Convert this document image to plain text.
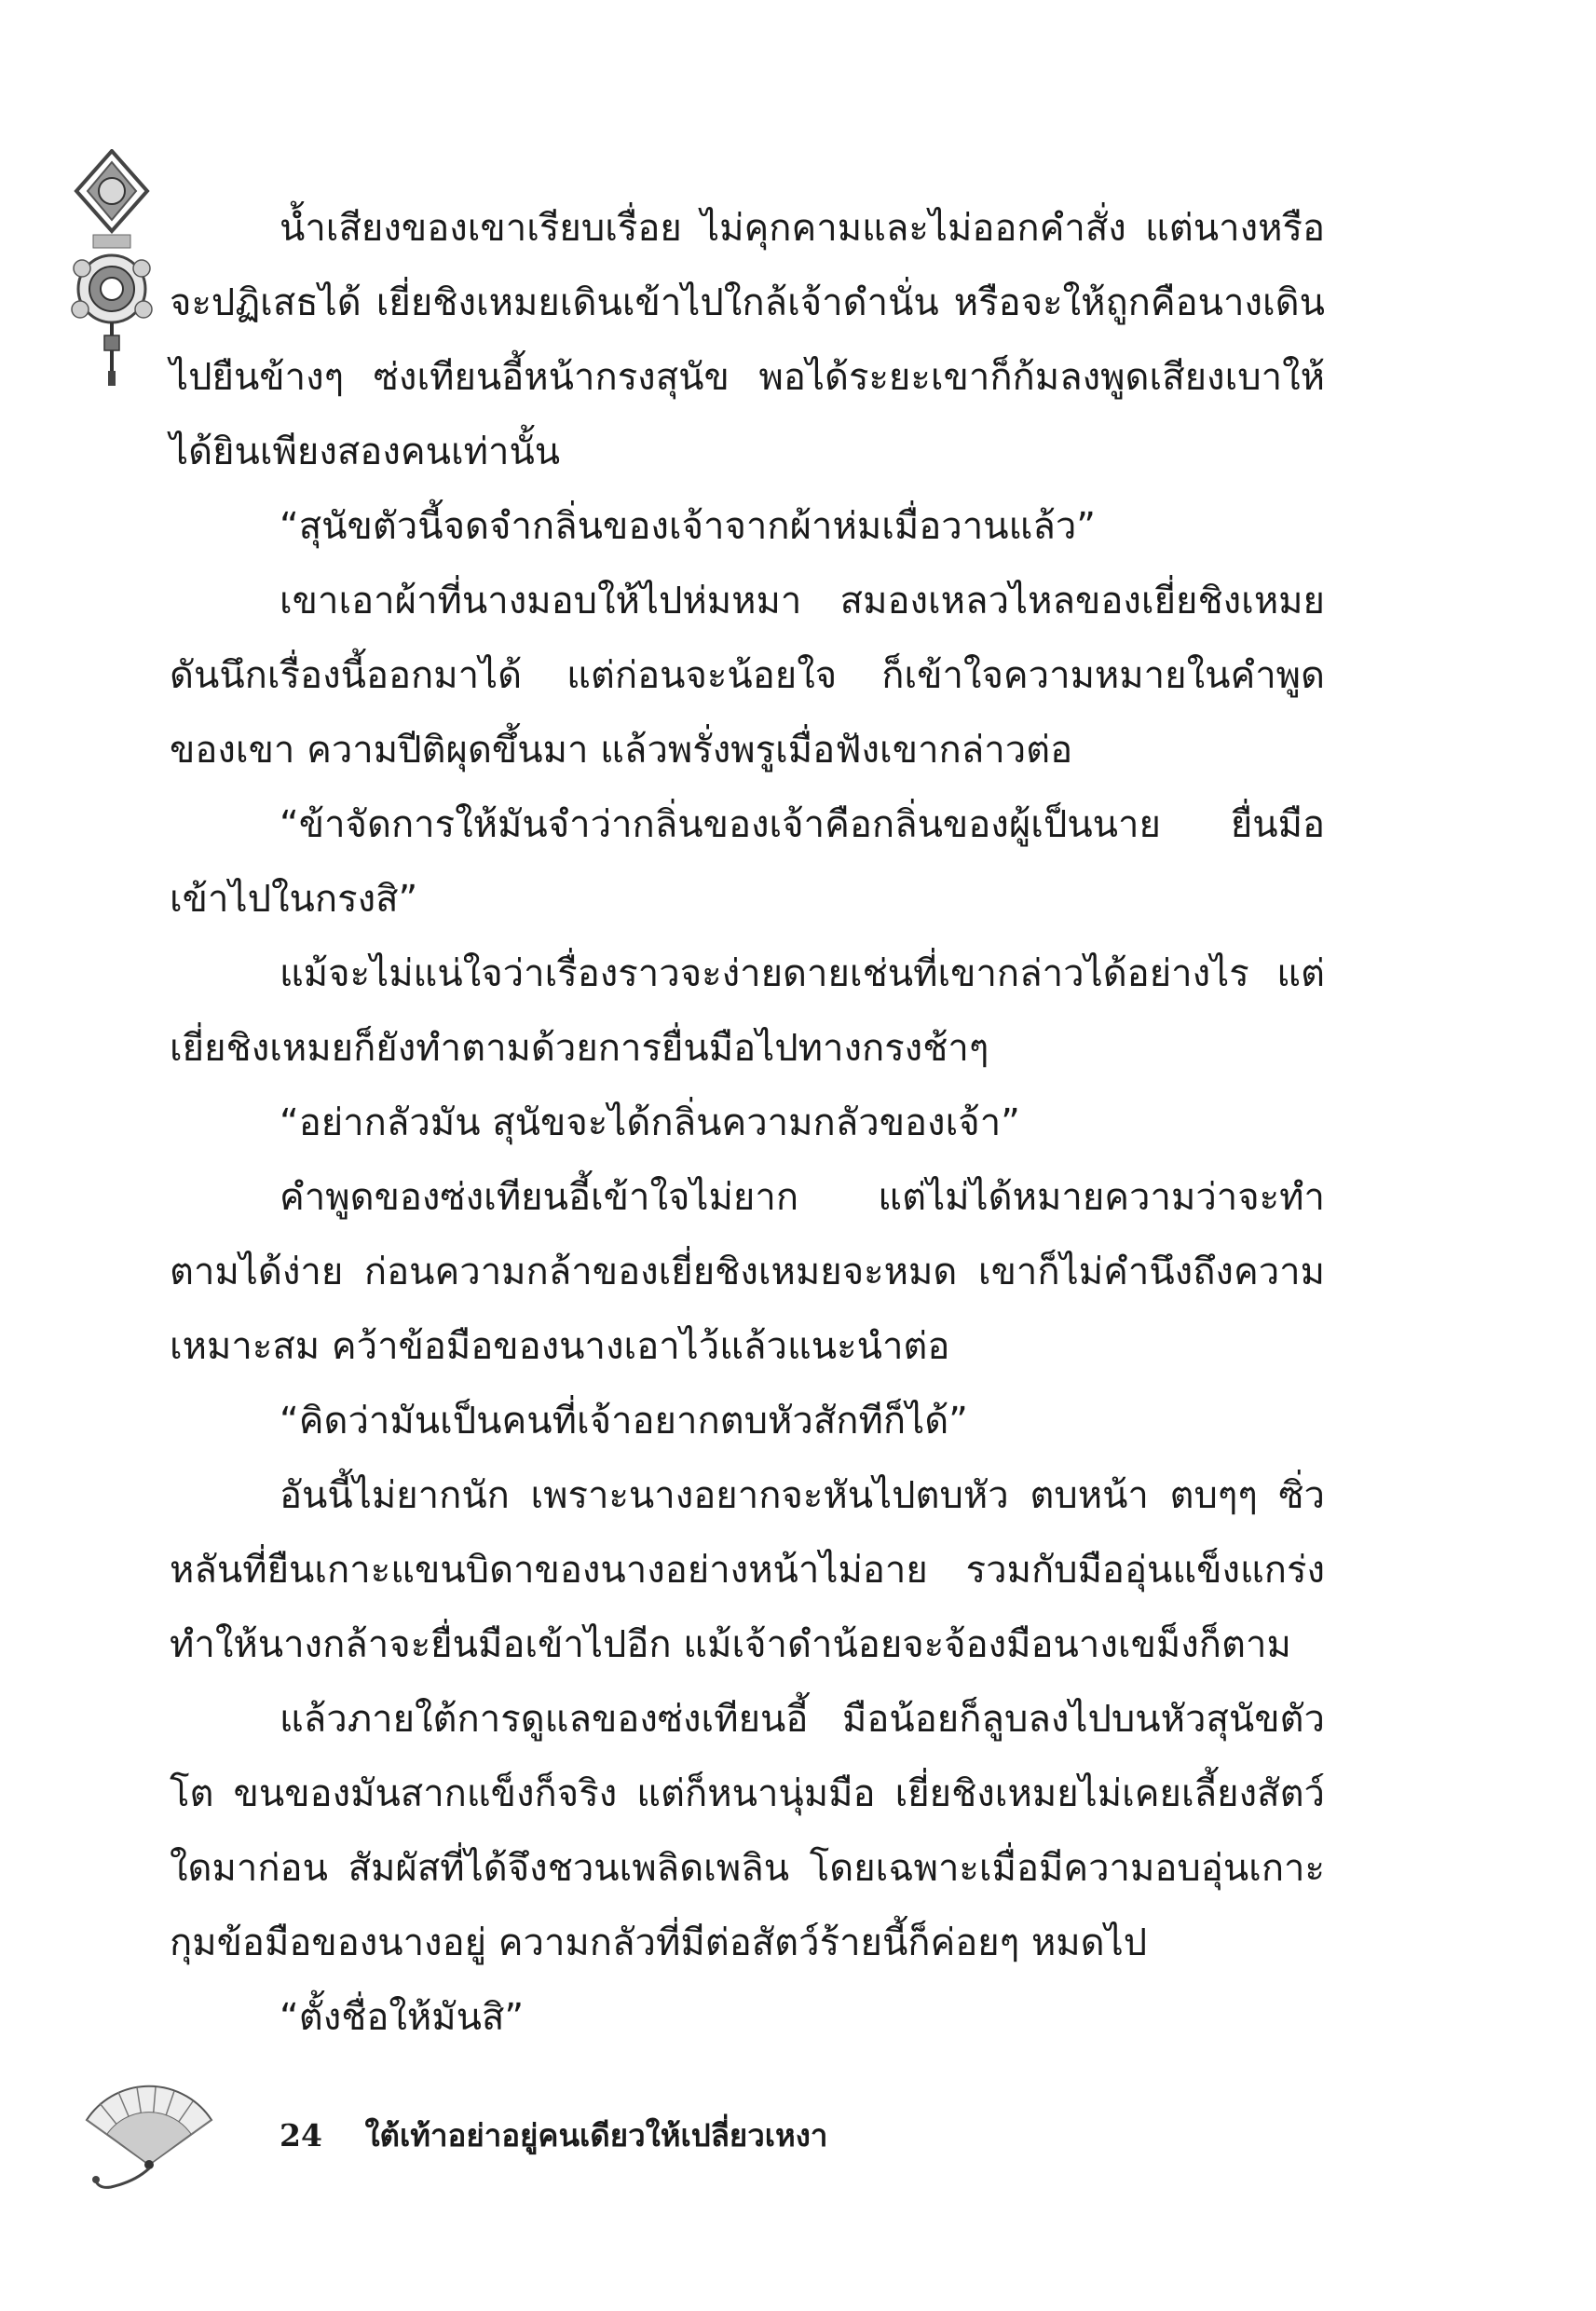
น้ำเสียงของเขาเรียบเรื่อย ไม่คุกคามและไม่ออกคำสั่ง แต่นางหรือจะปฏิเสธได้ เยี่ยชิงเหมยเดินเข้าไปใกล้เจ้าดำนั่น หรือจะให้ถูกคือนางเดินไปยืนข้างๆ ซ่งเทียนอี้หน้ากรงสุนัข พอได้ระยะเขาก็ก้มลงพูดเสียงเบาให้ได้ยินเพียงสองคนเท่านั้น

“สุนัขตัวนี้จดจำกลิ่นของเจ้าจากผ้าห่มเมื่อวานแล้ว”

เขาเอาผ้าที่นางมอบให้ไปห่มหมา สมองเหลวไหลของเยี่ยชิงเหมยดันนึกเรื่องนี้ออกมาได้ แต่ก่อนจะน้อยใจ ก็เข้าใจความหมายในคำพูดของเขา ความปีติผุดขึ้นมา แล้วพรั่งพรูเมื่อฟังเขากล่าวต่อ

“ข้าจัดการให้มันจำว่ากลิ่นของเจ้าคือกลิ่นของผู้เป็นนาย ยื่นมือเข้าไปในกรงสิ”

แม้จะไม่แน่ใจว่าเรื่องราวจะง่ายดายเช่นที่เขากล่าวได้อย่างไร แต่เยี่ยชิงเหมยก็ยังทำตามด้วยการยื่นมือไปทางกรงช้าๆ

“อย่ากลัวมัน สุนัขจะได้กลิ่นความกลัวของเจ้า”

คำพูดของซ่งเทียนอี้เข้าใจไม่ยาก แต่ไม่ได้หมายความว่าจะทำตามได้ง่าย ก่อนความกล้าของเยี่ยชิงเหมยจะหมด เขาก็ไม่คำนึงถึงความเหมาะสม คว้าข้อมือของนางเอาไว้แล้วแนะนำต่อ

“คิดว่ามันเป็นคนที่เจ้าอยากตบหัวสักทีก็ได้”

อันนี้ไม่ยากนัก เพราะนางอยากจะหันไปตบหัว ตบหน้า ตบๆๆ ซิ่วหลันที่ยืนเกาะแขนบิดาของนางอย่างหน้าไม่อาย รวมกับมืออุ่นแข็งแกร่งทำให้นางกล้าจะยื่นมือเข้าไปอีก แม้เจ้าดำน้อยจะจ้องมือนางเขม็งก็ตาม

แล้วภายใต้การดูแลของซ่งเทียนอี้ มือน้อยก็ลูบลงไปบนหัวสุนัขตัวโต ขนของมันสากแข็งก็จริง แต่ก็หนานุ่มมือ เยี่ยชิงเหมยไม่เคยเลี้ยงสัตว์ใดมาก่อน สัมผัสที่ได้จึงชวนเพลิดเพลิน โดยเฉพาะเมื่อมีความอบอุ่นเกาะกุมข้อมือของนางอยู่ ความกลัวที่มีต่อสัตว์ร้ายนี้ก็ค่อยๆ หมดไป

“ตั้งชื่อให้มันสิ”

24 ใต้เท้าอย่าอยู่คนเดียวให้เปลี่ยวเหงา
